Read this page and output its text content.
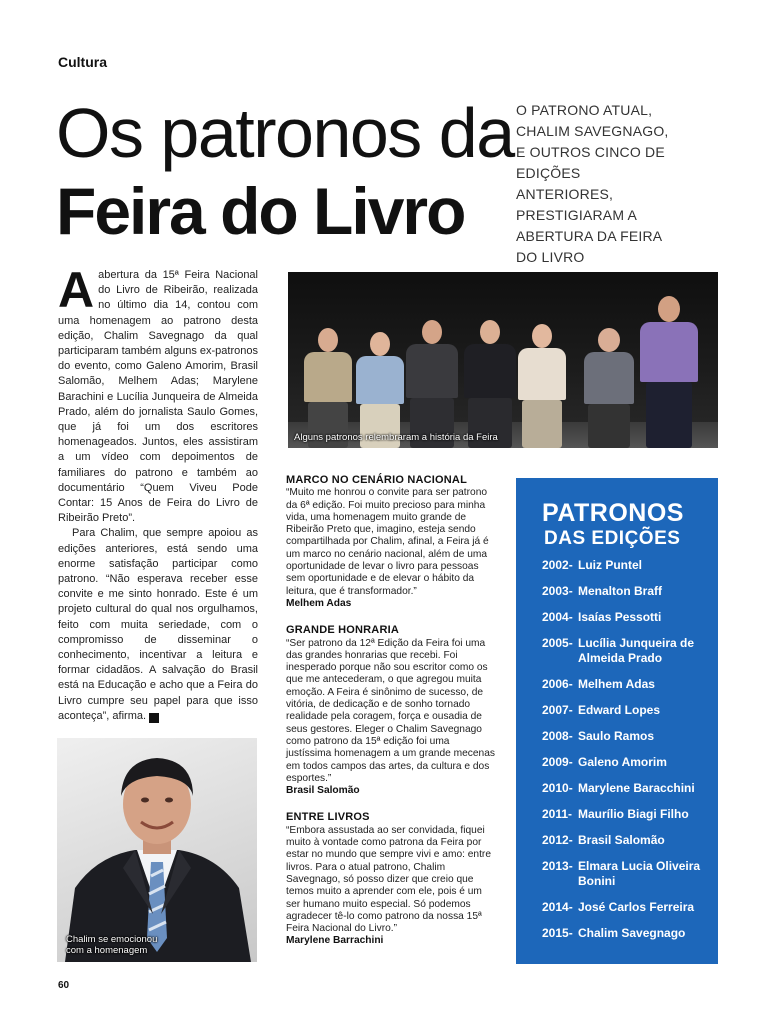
Cultura
Os patronos da
Feira do Livro
O PATRONO ATUAL, CHALIM SAVEGNAGO, E OUTROS CINCO DE EDIÇÕES ANTERIORES, PRESTIGIARAM A ABERTURA DA FEIRA DO LIVRO

Aabertura da 15ª Feira Nacional do Livro de Ribeirão, realizada no último dia 14, contou com uma homenagem ao patrono desta edição, Chalim Savegnago da qual participaram também alguns ex-patronos do evento, como Galeno Amorim, Brasil Salomão, Melhem Adas; Marylene Barachini e Lucília Junqueira de Almeida Prado, além do jornalista Saulo Gomes, que já foi um dos escritores homenageados. Juntos, eles assistiram a um vídeo com depoimentos de familiares do patrono e também ao documentário “Quem Viveu Pode Contar: 15 Anos de Feira do Livro de Ribeirão Preto”.

Para Chalim, que sempre apoiou as edições anteriores, está sendo uma enorme satisfação participar como patrono. “Não esperava receber esse convite e me sinto honrado. Este é um projeto cultural do qual nos orgulhamos, feito com muita seriedade, com o compromisso de disseminar o conhecimento, incentivar a leitura e formar cidadãos. A salvação do Brasil está na Educação e acho que a Feira do Livro cumpre seu papel para que isso aconteça”, afirma. r

Alguns patronos relembraram a história da Feira
MARCO NO CENÁRIO NACIONAL

“Muito me honrou o convite para ser patrono da 6ª edição. Foi muito precioso para minha vida, uma homenagem muito grande de Ribeirão Preto que, imagino, esteja sendo compartilhada por Chalim, afinal, a Feira já é um marco no cenário nacional, além de uma oportunidade de levar o livro para pessoas sem oportunidade e de elevar o hábito da leitura, que é transformador.”

Melhem Adas

GRANDE HONRARIA

“Ser patrono da 12ª Edição da Feira foi uma das grandes honrarias que recebi. Foi inesperado porque não sou escritor como os que me antecederam, o que agregou muita emoção. A Feira é sinônimo de sucesso, de vitória, de dedicação e de sonho tornado realidade pela coragem, força e ousadia de seus gestores. Eleger o Chalim Savegnago como patrono da 15ª edição foi uma justíssima homenagem a um grande mecenas em todos campos das artes, da cultura e dos esportes.”

Brasil Salomão

ENTRE LIVROS

“Embora assustada ao ser convidada, fiquei muito à vontade como patrona da Feira por estar no mundo que sempre vivi e amo: entre livros. Para o atual patrono, Chalim Savegnago, só posso dizer que creio que temos muito a aprender com ele, pois é um ser humano muito especial. Só podemos agradecer tê-lo como patrono da nossa 15ª Feira Nacional do Livro.”

Marylene Barrachini

PATRONOS
DAS EDIÇÕES
2002- Luiz Puntel
2003- Menalton Braff
2004- Isaías Pessotti
2005- Lucília Junqueira de Almeida Prado
2006- Melhem Adas
2007- Edward Lopes
2008- Saulo Ramos
2009- Galeno Amorim
2010- Marylene Baracchini
2011- Maurílio Biagi Filho
2012- Brasil Salomão
2013- Elmara Lucia Oliveira Bonini
2014- José Carlos Ferreira
2015- Chalim Savegnago
Chalim se emocionou
com a homenagem
60
